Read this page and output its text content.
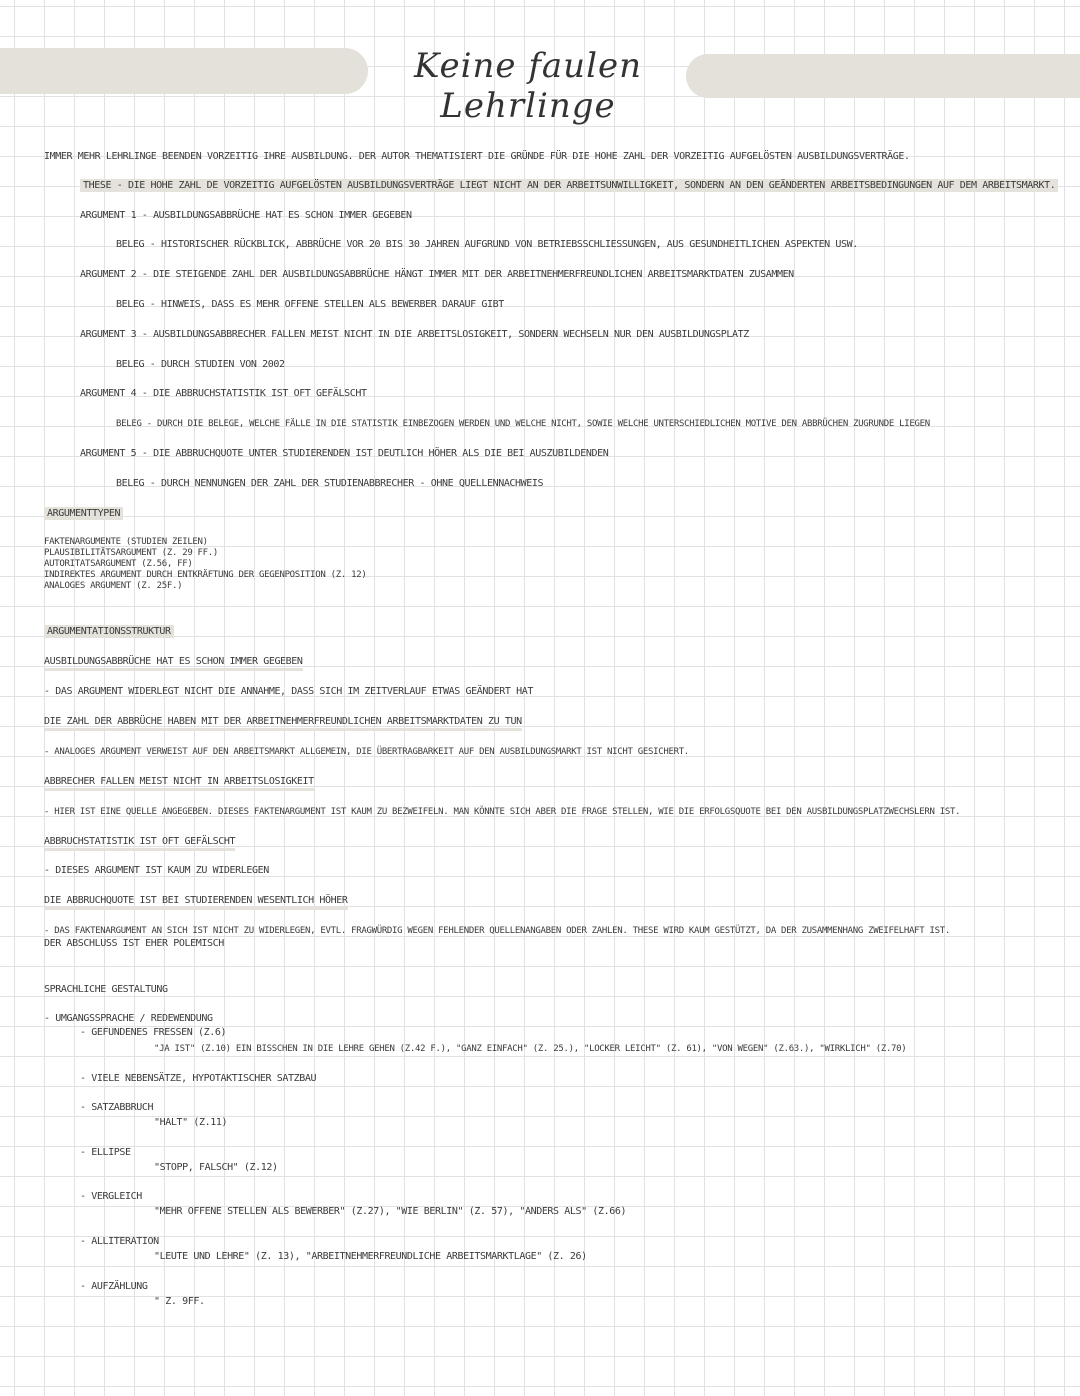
Keine faulen Lehrlinge
IMMER MEHR LEHRLINGE BEENDEN VORZEITIG IHRE AUSBILDUNG. DER AUTOR THEMATISIERT DIE GRÜNDE FÜR DIE HOHE ZAHL DER VORZEITIG AUFGELÖSTEN AUSBILDUNGSVERTRÄGE.
THESE - DIE HOHE ZAHL DE VORZEITIG AUFGELÖSTEN AUSBILDUNGSVERTRÄGE LIEGT NICHT AN DER ARBEITSUNWILLIGKEIT, SONDERN AN DEN GEÄNDERTEN ARBEITSBEDINGUNGEN AUF DEM ARBEITSMARKT.
ARGUMENT 1 - AUSBILDUNGSABBRÜCHE HAT ES SCHON IMMER GEGEBEN
BELEG - HISTORISCHER RÜCKBLICK, ABBRÜCHE VOR 20 BIS 30 JAHREN AUFGRUND VON BETRIEBSSCHLIESSUNGEN, AUS GESUNDHEITLICHEN ASPEKTEN USW.
ARGUMENT 2 - DIE STEIGENDE ZAHL DER AUSBILDUNGSABBRÜCHE HÄNGT IMMER MIT DER ARBEITNEHMERFREUNDLICHEN ARBEITSMARKTDATEN ZUSAMMEN
BELEG - HINWEIS, DASS ES MEHR OFFENE STELLEN ALS BEWERBER DARAUF GIBT
ARGUMENT 3 - AUSBILDUNGSABBRECHER FALLEN MEIST NICHT IN DIE ARBEITSLOSIGKEIT, SONDERN WECHSELN NUR DEN AUSBILDUNGSPLATZ
BELEG - DURCH STUDIEN VON 2002
ARGUMENT 4 - DIE ABBRUCHSTATISTIK IST OFT GEFÄLSCHT
BELEG - DURCH DIE BELEGE, WELCHE FÄLLE IN DIE STATISTIK EINBEZOGEN WERDEN UND WELCHE NICHT, SOWIE WELCHE UNTERSCHIEDLICHEN MOTIVE DEN ABBRÜCHEN ZUGRUNDE LIEGEN
ARGUMENT 5 - DIE ABBRUCHQUOTE UNTER STUDIERENDEN IST DEUTLICH HÖHER ALS DIE BEI AUSZUBILDENDEN
BELEG - DURCH NENNUNGEN DER ZAHL DER STUDIENABBRECHER - OHNE QUELLENNACHWEIS
ARGUMENTTYPEN
FAKTENARGUMENTE (STUDIEN ZEILEN)
PLAUSIBILITÄTSARGUMENT (Z. 29 FF.)
AUTORITATSARGUMENT (Z.56, FF)
INDIREKTES ARGUMENT DURCH ENTKRÄFTUNG DER GEGENPOSITION (Z. 12)
ANALOGES ARGUMENT (Z. 25F.)
ARGUMENTATIONSSTRUKTUR
AUSBILDUNGSABBRÜCHE HAT ES SCHON IMMER GEGEBEN
- DAS ARGUMENT WIDERLEGT NICHT DIE ANNAHME, DASS SICH IM ZEITVERLAUF ETWAS GEÄNDERT HAT
DIE ZAHL DER ABBRÜCHE HABEN MIT DER ARBEITNEHMERFREUNDLICHEN ARBEITSMARKTDATEN ZU TUN
- ANALOGES ARGUMENT VERWEIST AUF DEN ARBEITSMARKT ALLGEMEIN, DIE ÜBERTRAGBARKEIT AUF DEN AUSBILDUNGSMARKT IST NICHT GESICHERT.
ABBRECHER FALLEN MEIST NICHT IN ARBEITSLOSIGKEIT
- HIER IST EINE QUELLE ANGEGEBEN. DIESES FAKTENARGUMENT IST KAUM ZU BEZWEIFELN. MAN KÖNNTE SICH ABER DIE FRAGE STELLEN, WIE DIE ERFOLGSQUOTE BEI DEN AUSBILDUNGSPLATZWECHSLERN IST.
ABBRUCHSTATISTIK IST OFT GEFÄLSCHT
- DIESES ARGUMENT IST KAUM ZU WIDERLEGEN
DIE ABBRUCHQUOTE IST BEI STUDIERENDEN WESENTLICH HÖHER
- DAS FAKTENARGUMENT AN SICH IST NICHT ZU WIDERLEGEN, EVTL. FRAGWÜRDIG WEGEN FEHLENDER QUELLENANGABEN ODER ZAHLEN. THESE WIRD KAUM GESTÜTZT, DA DER ZUSAMMENHANG ZWEIFELHAFT IST.
DER ABSCHLUSS IST EHER POLEMISCH
SPRACHLICHE GESTALTUNG
- UMGANGSSPRACHE / REDEWENDUNG
- GEFUNDENES FRESSEN (Z.6)
"JA IST" (Z.10) EIN BISSCHEN IN DIE LEHRE GEHEN (Z.42 F.), "GANZ EINFACH" (Z. 25.), "LOCKER LEICHT" (Z. 61), "VON WEGEN" (Z.63.), "WIRKLICH" (Z.70)
- VIELE NEBENSÄTZE, HYPOTAKTISCHER SATZBAU
- SATZABBRUCH
"HALT" (Z.11)
- ELLIPSE
"STOPP, FALSCH" (Z.12)
- VERGLEICH
"MEHR OFFENE STELLEN ALS BEWERBER" (Z.27), "WIE BERLIN" (Z. 57), "ANDERS ALS" (Z.66)
- ALLITERATION
"LEUTE UND LEHRE" (Z. 13), "ARBEITNEHMERFREUNDLICHE ARBEITSMARKTLAGE" (Z. 26)
- AUFZÄHLUNG
" Z. 9FF.
